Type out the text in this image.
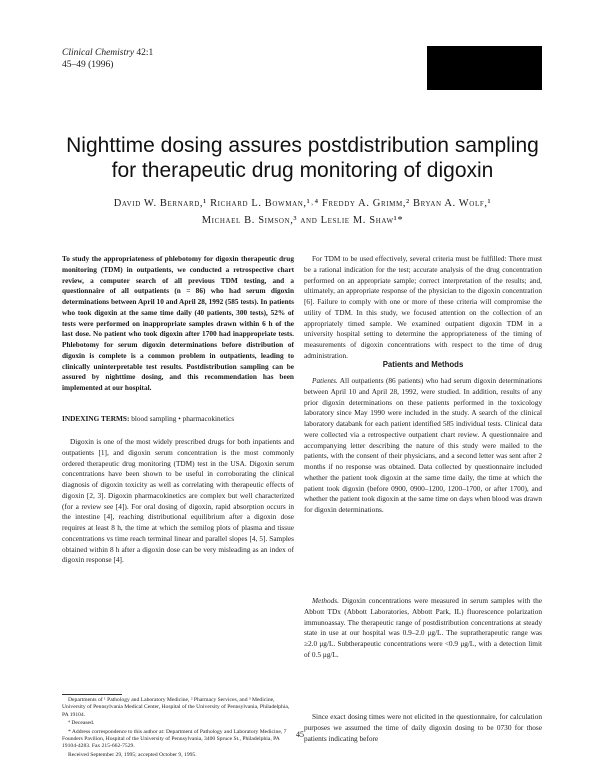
Clinical Chemistry 42:1
45–49 (1996)
Nighttime dosing assures postdistribution sampling for therapeutic drug monitoring of digoxin
David W. Bernard,¹ Richard L. Bowman,¹˒⁴ Freddy A. Grimm,² Bryan A. Wolf,¹
Michael B. Simson,³ and Leslie M. Shaw¹*
To study the appropriateness of phlebotomy for digoxin therapeutic drug monitoring (TDM) in outpatients, we conducted a retrospective chart review, a computer search of all previous TDM testing, and a questionnaire of all outpatients (n = 86) who had serum digoxin determinations between April 10 and April 28, 1992 (585 tests). In patients who took digoxin at the same time daily (40 patients, 300 tests), 52% of tests were performed on inappropriate samples drawn within 6 h of the last dose. No patient who took digoxin after 1700 had inappropriate tests. Phlebotomy for serum digoxin determinations before distribution of digoxin is complete is a common problem in outpatients, leading to clinically uninterpretable test results. Postdistribution sampling can be assured by nighttime dosing, and this recommendation has been implemented at our hospital.
INDEXING TERMS: blood sampling • pharmacokinetics
Digoxin is one of the most widely prescribed drugs for both inpatients and outpatients [1], and digoxin serum concentration is the most commonly ordered therapeutic drug monitoring (TDM) test in the USA. Digoxin serum concentrations have been shown to be useful in corroborating the clinical diagnosis of digoxin toxicity as well as correlating with therapeutic effects of digoxin [2, 3]. Digoxin pharmacokinetics are complex but well characterized (for a review see [4]). For oral dosing of digoxin, rapid absorption occurs in the intestine [4], reaching distributional equilibrium after a digoxin dose requires at least 8 h, the time at which the semilog plots of plasma and tissue concentrations vs time reach terminal linear and parallel slopes [4, 5]. Samples obtained within 8 h after a digoxin dose can be very misleading as an index of digoxin response [4].

Departments of ¹ Pathology and Laboratory Medicine, ² Pharmacy Services, and ³ Medicine, University of Pennsylvania Medical Center, Hospital of the University of Pennsylvania, Philadelphia, PA 19104.

⁴ Deceased.

* Address correspondence to this author at: Department of Pathology and Laboratory Medicine, 7 Founders Pavilion, Hospital of the University of Pennsylvania, 3400 Spruce St., Philadelphia, PA 19104-4283. Fax 215-662-7529.

Received September 29, 1995; accepted October 9, 1995.

For TDM to be used effectively, several criteria must be fulfilled: There must be a rational indication for the test; accurate analysis of the drug concentration performed on an appropriate sample; correct interpretation of the results; and, ultimately, an appropriate response of the physician to the digoxin concentration [6]. Failure to comply with one or more of these criteria will compromise the utility of TDM. In this study, we focused attention on the collection of an appropriately timed sample. We examined outpatient digoxin TDM in a university hospital setting to determine the appropriateness of the timing of measurements of digoxin concentrations with respect to the time of drug administration.
Patients and Methods
Patients. All outpatients (86 patients) who had serum digoxin determinations between April 10 and April 28, 1992, were studied. In addition, results of any prior digoxin determinations on these patients performed in the toxicology laboratory since May 1990 were included in the study. A search of the clinical laboratory databank for each patient identified 585 individual tests. Clinical data were collected via a retrospective outpatient chart review. A questionnaire and accompanying letter describing the nature of this study were mailed to the patients, with the consent of their physicians, and a second letter was sent after 2 months if no response was obtained. Data collected by questionnaire included whether the patient took digoxin at the same time daily, the time at which the patient took digoxin (before 0900, 0900–1200, 1200–1700, or after 1700), and whether the patient took digoxin at the same time on days when blood was drawn for digoxin determinations.
Methods. Digoxin concentrations were measured in serum samples with the Abbott TDx (Abbott Laboratories, Abbott Park, IL) fluorescence polarization immunoassay. The therapeutic range of postdistribution concentrations at steady state in use at our hospital was 0.9–2.0 μg/L. The supratherapeutic range was ≥2.0 μg/L. Subtherapeutic concentrations were <0.9 μg/L, with a detection limit of 0.5 μg/L.
Since exact dosing times were not elicited in the questionnaire, for calculation purposes we assumed the time of daily digoxin dosing to be 0730 for those patients indicating before
45
